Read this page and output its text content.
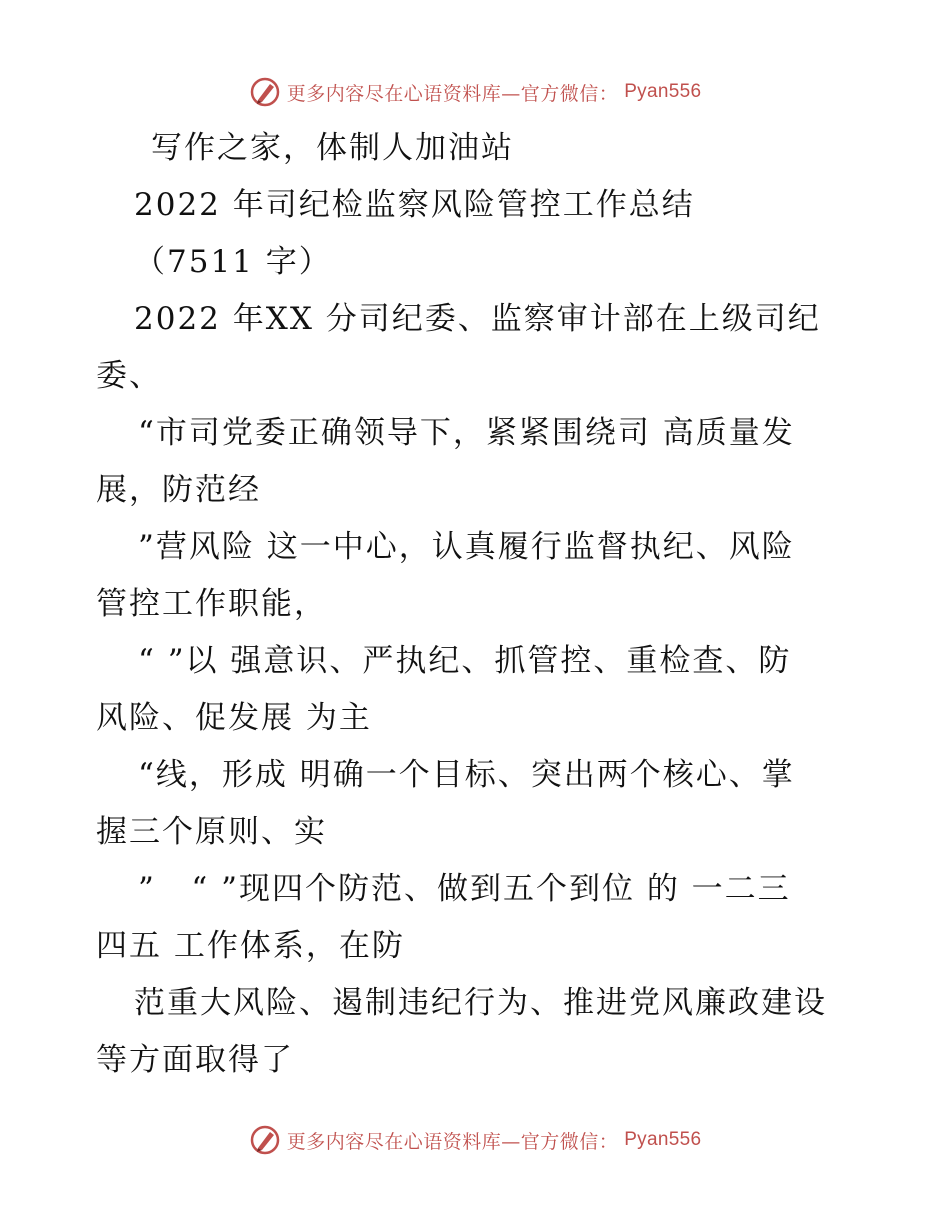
更多内容尽在心语资料库—官方微信： Pyan556
写作之家，体制人加油站
2022 年司纪检监察风险管控工作总结
（7511 字）
2022 年XX 分司纪委、监察审计部在上级司纪
委、
“市司党委正确领导下，紧紧围绕司 高质量发
展，防范经
”营风险 这一中心，认真履行监督执纪、风险
管控工作职能，
“ ”以 强意识、严执纪、抓管控、重检查、防
风险、促发展 为主
“线，形成 明确一个目标、突出两个核心、掌
握三个原则、实
”   “ ”现四个防范、做到五个到位 的 一二三
四五 工作体系，在防
范重大风险、遏制违纪行为、推进党风廉政建设
等方面取得了
更多内容尽在心语资料库—官方微信： Pyan556
